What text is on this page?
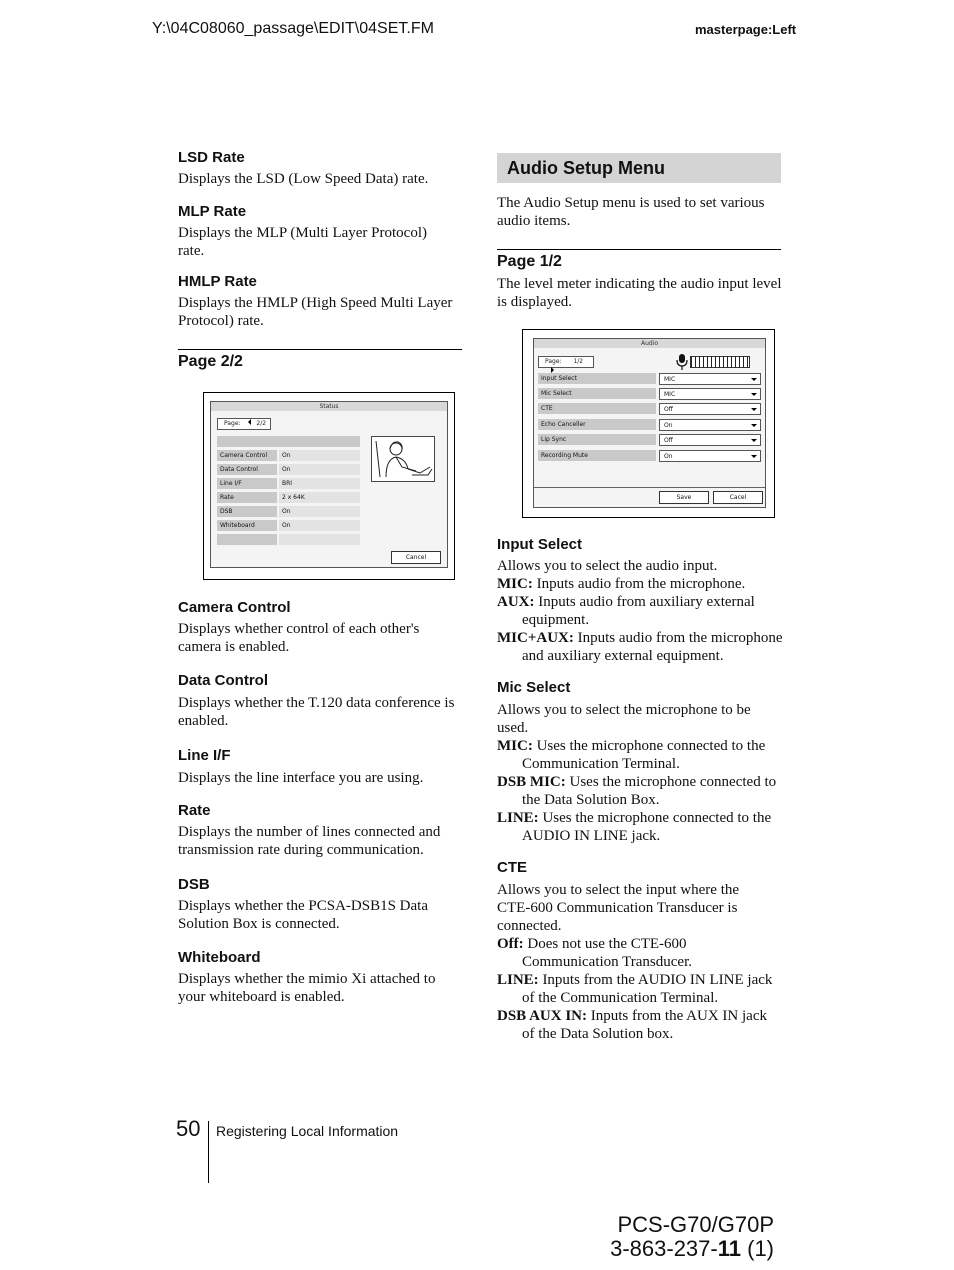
Y:\04C08060_passage\EDIT\04SET.FM	masterpage:Left
LSD Rate

Displays the LSD (Low Speed Data) rate.

MLP Rate

Displays the MLP (Multi Layer Protocol) rate.

HMLP Rate

Displays the HMLP (High Speed Multi Layer Protocol) rate.

Page 2/2
Status
Page:	2/2
Camera Control	On
Data Control	On
Line I/F	BRI
Rate	2 x 64K
DSB	On
Whiteboard	On
Cancel
Camera Control

Displays whether control of each other's camera is enabled.

Data Control

Displays whether the T.120 data conference is enabled.

Line I/F

Displays the line interface you are using.

Rate

Displays the number of lines connected and transmission rate during communication.

DSB

Displays whether the PCSA-DSB1S Data Solution Box is connected.

Whiteboard

Displays whether the mimio Xi attached to your whiteboard is enabled.

Audio Setup Menu

The Audio Setup menu is used to set various audio items.

Page 1/2

The level meter indicating the audio input level is displayed.

Audio
Page: 1/2
Input Select	MIC
Mic Select	MIC
CTE	Off
Echo Canceller	On
Lip Sync	Off
Recording Mute	On
Save	Cacel
Input Select

Allows you to select the audio input.

MIC: Inputs audio from the microphone.

AUX: Inputs audio from auxiliary external equipment.

MIC+AUX: Inputs audio from the microphone and auxiliary external equipment.

Mic Select

Allows you to select the microphone to be used.

MIC: Uses the microphone connected to the Communication Terminal.

DSB MIC: Uses the microphone connected to the Data Solution Box.

LINE: Uses the microphone connected to the AUDIO IN LINE jack.

CTE

Allows you to select the input where the CTE-600 Communication Transducer is connected.

Off: Does not use the CTE-600 Communication Transducer.

LINE: Inputs from the AUDIO IN LINE jack of the Communication Terminal.

DSB AUX IN: Inputs from the AUX IN jack of the Data Solution box.

50 Registering Local Information
PCS-G70/G70P
3-863-237-11 (1)
